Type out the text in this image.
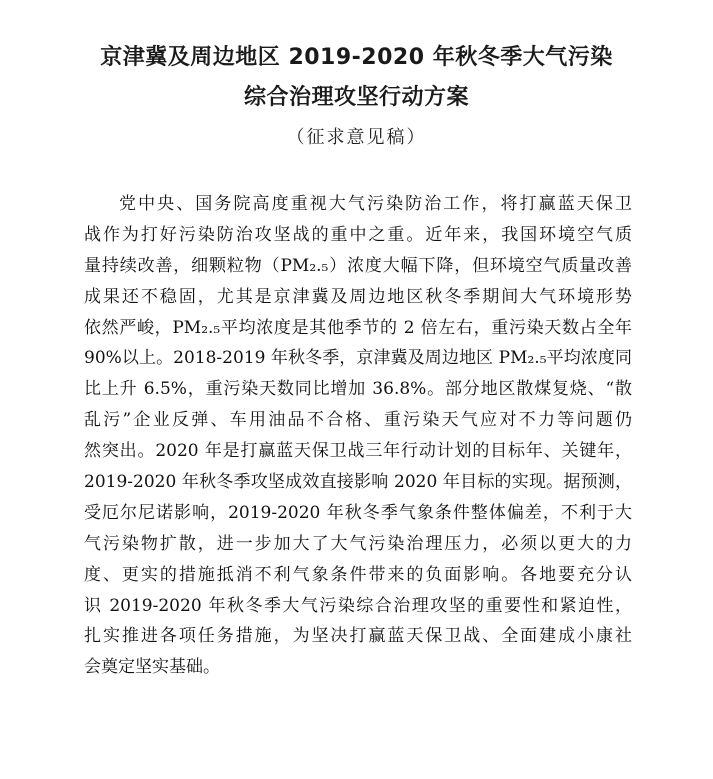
京津冀及周边地区 2019-2020 年秋冬季大气污染
综合治理攻坚行动方案
（征求意见稿）
党中央、国务院高度重视大气污染防治工作，将打赢蓝天保卫
战作为打好污染防治攻坚战的重中之重。近年来，我国环境空气质
量持续改善，细颗粒物（PM₂.₅）浓度大幅下降，但环境空气质量改善
成果还不稳固，尤其是京津冀及周边地区秋冬季期间大气环境形势
依然严峻，PM₂.₅平均浓度是其他季节的 2 倍左右，重污染天数占全年
90%以上。2018-2019 年秋冬季，京津冀及周边地区 PM₂.₅平均浓度同
比上升 6.5%，重污染天数同比增加 36.8%。部分地区散煤复烧、“散
乱污”企业反弹、车用油品不合格、重污染天气应对不力等问题仍
然突出。2020 年是打赢蓝天保卫战三年行动计划的目标年、关键年，
2019-2020 年秋冬季攻坚成效直接影响 2020 年目标的实现。据预测，
受厄尔尼诺影响，2019-2020 年秋冬季气象条件整体偏差，不利于大
气污染物扩散，进一步加大了大气污染治理压力，必须以更大的力
度、更实的措施抵消不利气象条件带来的负面影响。各地要充分认
识 2019-2020 年秋冬季大气污染综合治理攻坚的重要性和紧迫性，
扎实推进各项任务措施，为坚决打赢蓝天保卫战、全面建成小康社
会奠定坚实基础。
